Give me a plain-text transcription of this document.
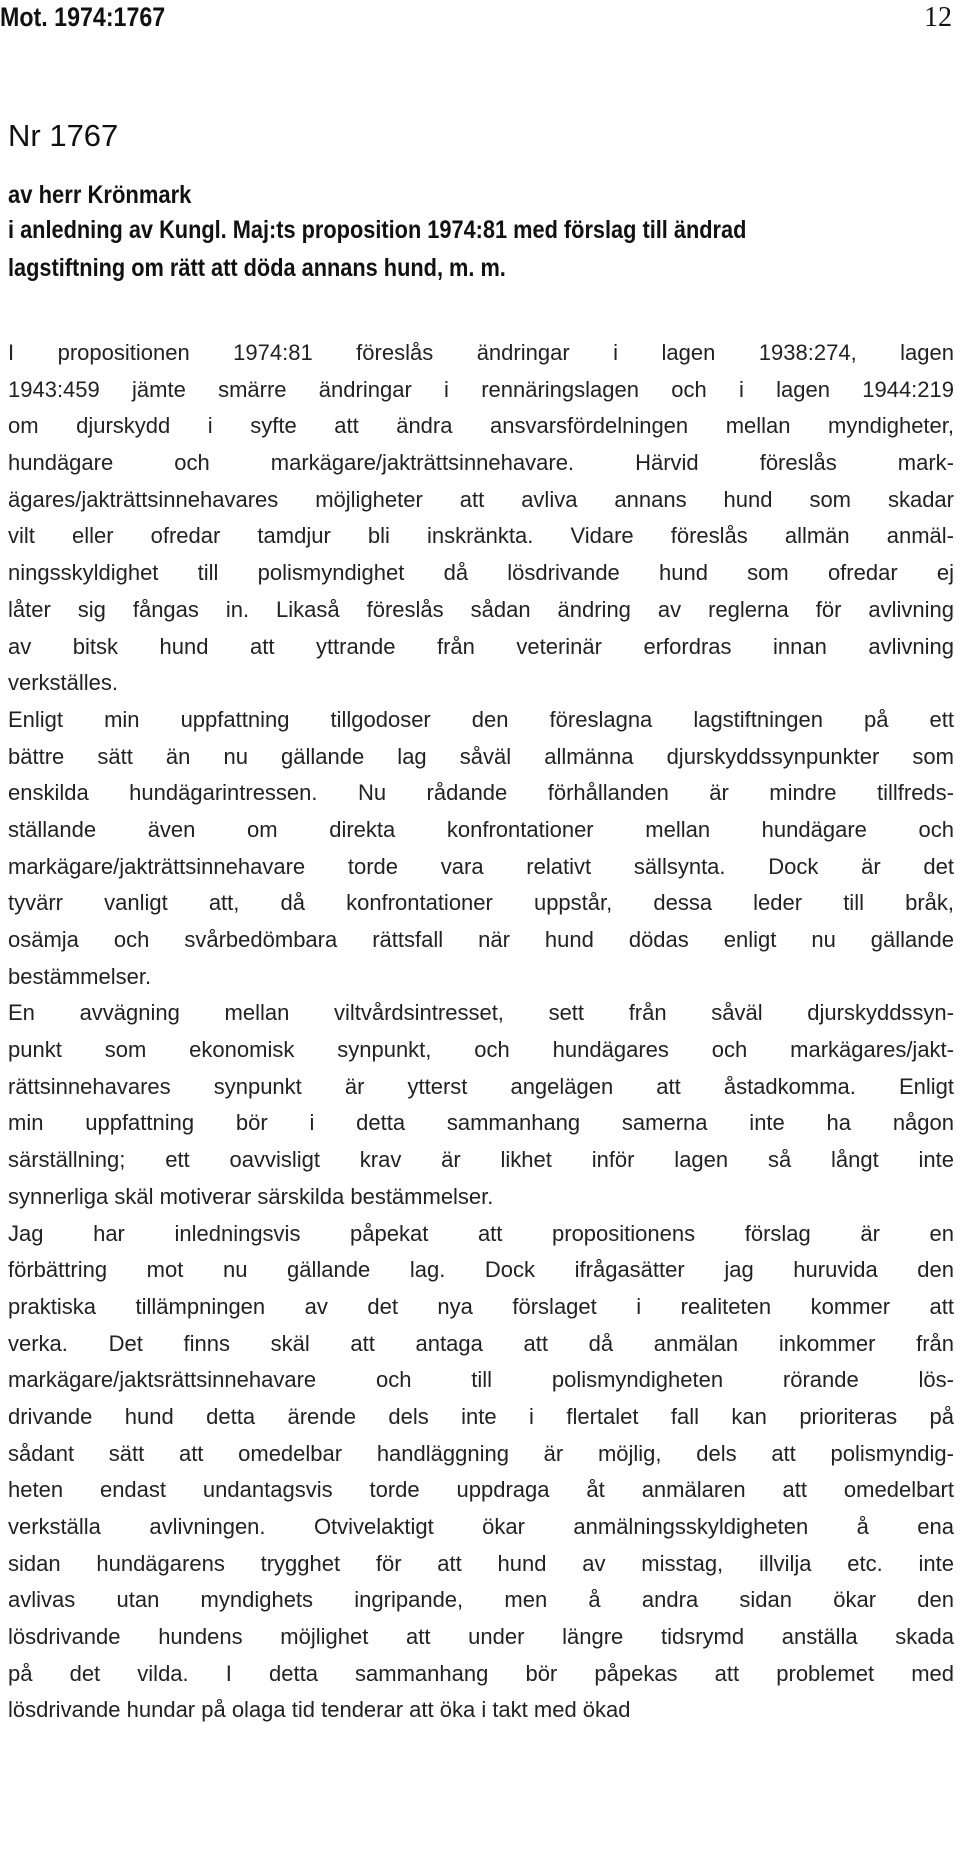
Mot. 1974:1767	12
Nr 1767
av herr Krönmark
i anledning av Kungl. Maj:ts proposition 1974:81 med förslag till ändrad
lagstiftning om rätt att döda annans hund, m. m.
I propositionen 1974:81 föreslås ändringar i lagen 1938:274, lagen
1943:459 jämte smärre ändringar i rennäringslagen och i lagen 1944:219
om djurskydd i syfte att ändra ansvarsfördelningen mellan myndigheter,
hundägare och markägare/jakträttsinnehavare. Härvid föreslås mark-
ägares/jakträttsinnehavares möjligheter att avliva annans hund som skadar
vilt eller ofredar tamdjur bli inskränkta. Vidare föreslås allmän anmäl-
ningsskyldighet till polismyndighet då lösdrivande hund som ofredar ej
låter sig fångas in. Likaså föreslås sådan ändring av reglerna för avlivning
av bitsk hund att yttrande från veterinär erfordras innan avlivning
verkställes.
Enligt min uppfattning tillgodoser den föreslagna lagstiftningen på ett
bättre sätt än nu gällande lag såväl allmänna djurskyddssynpunkter som
enskilda hundägarintressen. Nu rådande förhållanden är mindre tillfreds-
ställande även om direkta konfrontationer mellan hundägare och
markägare/jakträttsinnehavare torde vara relativt sällsynta. Dock är det
tyvärr vanligt att, då konfrontationer uppstår, dessa leder till bråk,
osämja och svårbedömbara rättsfall när hund dödas enligt nu gällande
bestämmelser.
En avvägning mellan viltvårdsintresset, sett från såväl djurskyddssyn-
punkt som ekonomisk synpunkt, och hundägares och markägares/jakt-
rättsinnehavares synpunkt är ytterst angelägen att åstadkomma. Enligt
min uppfattning bör i detta sammanhang samerna inte ha någon
särställning; ett oavvisligt krav är likhet inför lagen så långt inte
synnerliga skäl motiverar särskilda bestämmelser.
Jag har inledningsvis påpekat att propositionens förslag är en
förbättring mot nu gällande lag. Dock ifrågasätter jag huruvida den
praktiska tillämpningen av det nya förslaget i realiteten kommer att
verka. Det finns skäl att antaga att då anmälan inkommer från
markägare/jaktsrättsinnehavare och till polismyndigheten rörande lös-
drivande hund detta ärende dels inte i flertalet fall kan prioriteras på
sådant sätt att omedelbar handläggning är möjlig, dels att polismyndig-
heten endast undantagsvis torde uppdraga åt anmälaren att omedelbart
verkställa avlivningen. Otvivelaktigt ökar anmälningsskyldigheten å ena
sidan hundägarens trygghet för att hund av misstag, illvilja etc. inte
avlivas utan myndighets ingripande, men å andra sidan ökar den
lösdrivande hundens möjlighet att under längre tidsrymd anställa skada
på det vilda. I detta sammanhang bör påpekas att problemet med
lösdrivande hundar på olaga tid tenderar att öka i takt med ökad
